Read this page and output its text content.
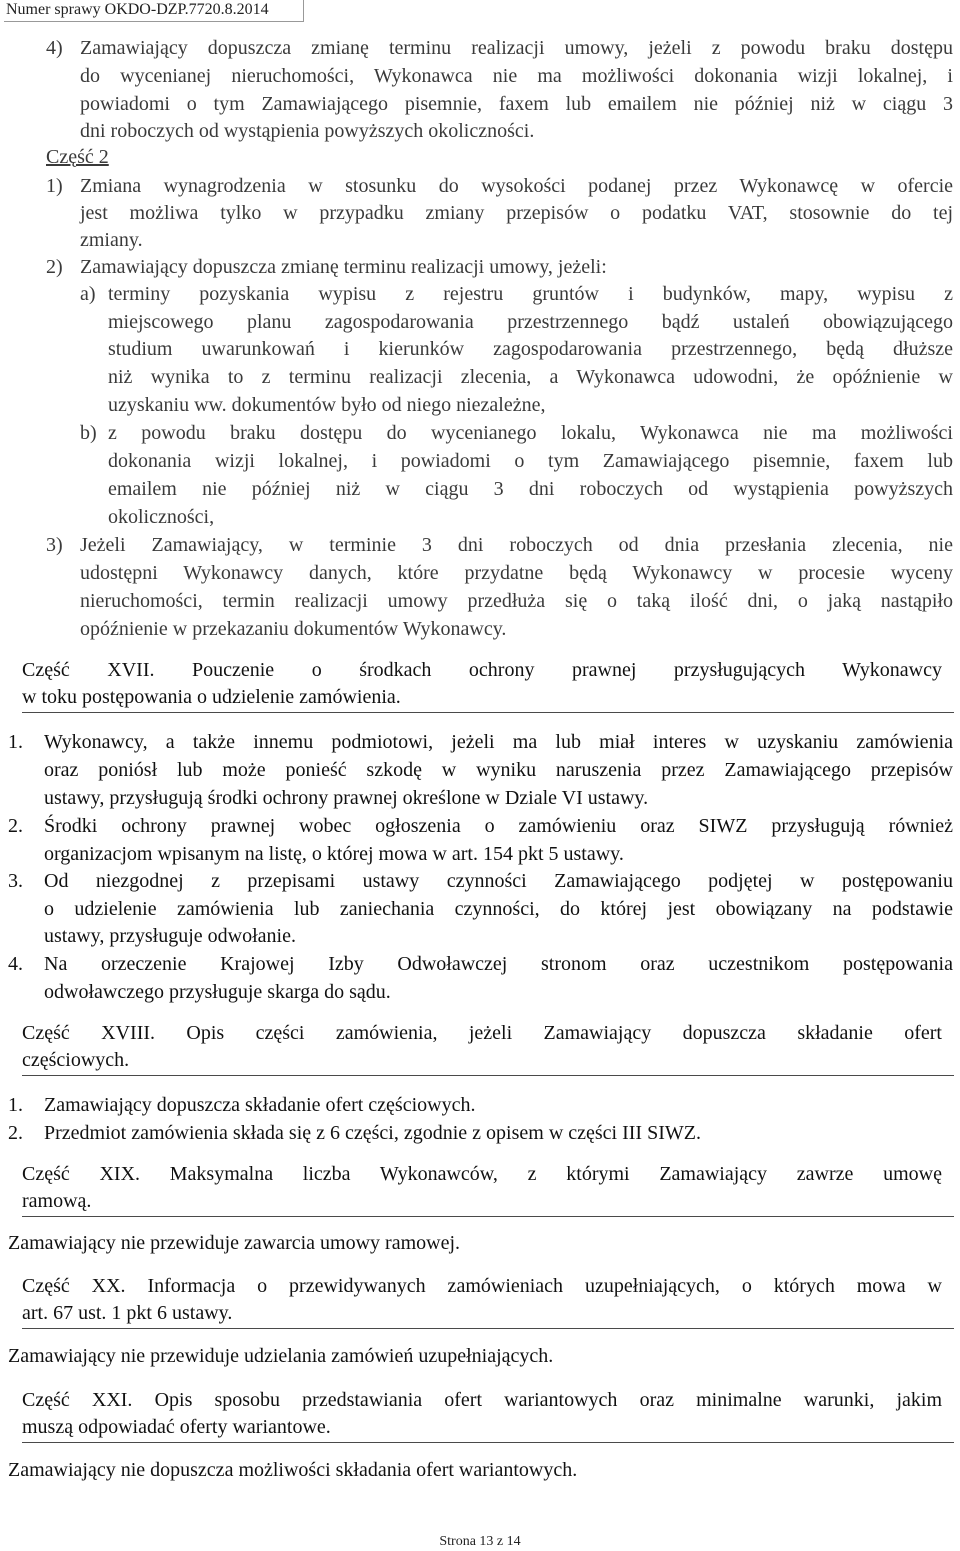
Numer sprawy OKDO-DZP.7720.8.2014
4) Zamawiający dopuszcza zmianę terminu realizacji umowy, jeżeli z powodu braku dostępu
do wycenianej nieruchomości, Wykonawca nie ma możliwości dokonania wizji lokalnej, i
powiadomi o tym Zamawiającego pisemnie, faxem lub emailem nie później niż w ciągu 3
dni roboczych od wystąpienia powyższych okoliczności.
Część 2
1) Zmiana wynagrodzenia w stosunku do wysokości podanej przez Wykonawcę w ofercie
jest możliwa tylko w przypadku zmiany przepisów o podatku VAT, stosownie do tej
zmiany.
2) Zamawiający dopuszcza zmianę terminu realizacji umowy, jeżeli:
a) terminy pozyskania wypisu z rejestru gruntów i budynków, mapy, wypisu z
miejscowego planu zagospodarowania przestrzennego bądź ustaleń obowiązującego
studium uwarunkowań i kierunków zagospodarowania przestrzennego, będą dłuższe
niż wynika to z terminu realizacji zlecenia, a Wykonawca udowodni, że opóźnienie w
uzyskaniu ww. dokumentów było od niego niezależne,
b) z powodu braku dostępu do wycenianego lokalu, Wykonawca nie ma możliwości
dokonania wizji lokalnej, i powiadomi o tym Zamawiającego pisemnie, faxem lub
emailem nie później niż w ciągu 3 dni roboczych od wystąpienia powyższych
okoliczności,
3) Jeżeli Zamawiający, w terminie 3 dni roboczych od dnia przesłania zlecenia, nie
udostępni Wykonawcy danych, które przydatne będą Wykonawcy w procesie wyceny
nieruchomości, termin realizacji umowy przedłuża się o taką ilość dni, o jaką nastąpiło
opóźnienie w przekazaniu dokumentów Wykonawcy.
Część XVII. Pouczenie o środkach ochrony prawnej przysługujących Wykonawcy
w toku postępowania o udzielenie zamówienia.
1. Wykonawcy, a także innemu podmiotowi, jeżeli ma lub miał interes w uzyskaniu zamówienia
oraz poniósł lub może ponieść szkodę w wyniku naruszenia przez Zamawiającego przepisów
ustawy, przysługują środki ochrony prawnej określone w Dziale VI ustawy.
2. Środki ochrony prawnej wobec ogłoszenia o zamówieniu oraz SIWZ przysługują również
organizacjom wpisanym na listę, o której mowa w art. 154 pkt 5 ustawy.
3. Od niezgodnej z przepisami ustawy czynności Zamawiającego podjętej w postępowaniu
o udzielenie zamówienia lub zaniechania czynności, do której jest obowiązany na podstawie
ustawy, przysługuje odwołanie.
4. Na orzeczenie Krajowej Izby Odwoławczej stronom oraz uczestnikom postępowania
odwoławczego przysługuje skarga do sądu.
Część XVIII. Opis części zamówienia, jeżeli Zamawiający dopuszcza składanie ofert
częściowych.
1. Zamawiający dopuszcza składanie ofert częściowych.
2. Przedmiot zamówienia składa się z 6 części, zgodnie z opisem w części III SIWZ.
Część XIX. Maksymalna liczba Wykonawców, z którymi Zamawiający zawrze umowę
ramową.
Zamawiający nie przewiduje zawarcia umowy ramowej.
Część XX. Informacja o przewidywanych zamówieniach uzupełniających, o których mowa w
art. 67 ust. 1 pkt 6 ustawy.
Zamawiający nie przewiduje udzielania zamówień uzupełniających.
Część XXI. Opis sposobu przedstawiania ofert wariantowych oraz minimalne warunki, jakim
muszą odpowiadać oferty wariantowe.
Zamawiający nie dopuszcza możliwości składania ofert wariantowych.
Strona 13 z 14
